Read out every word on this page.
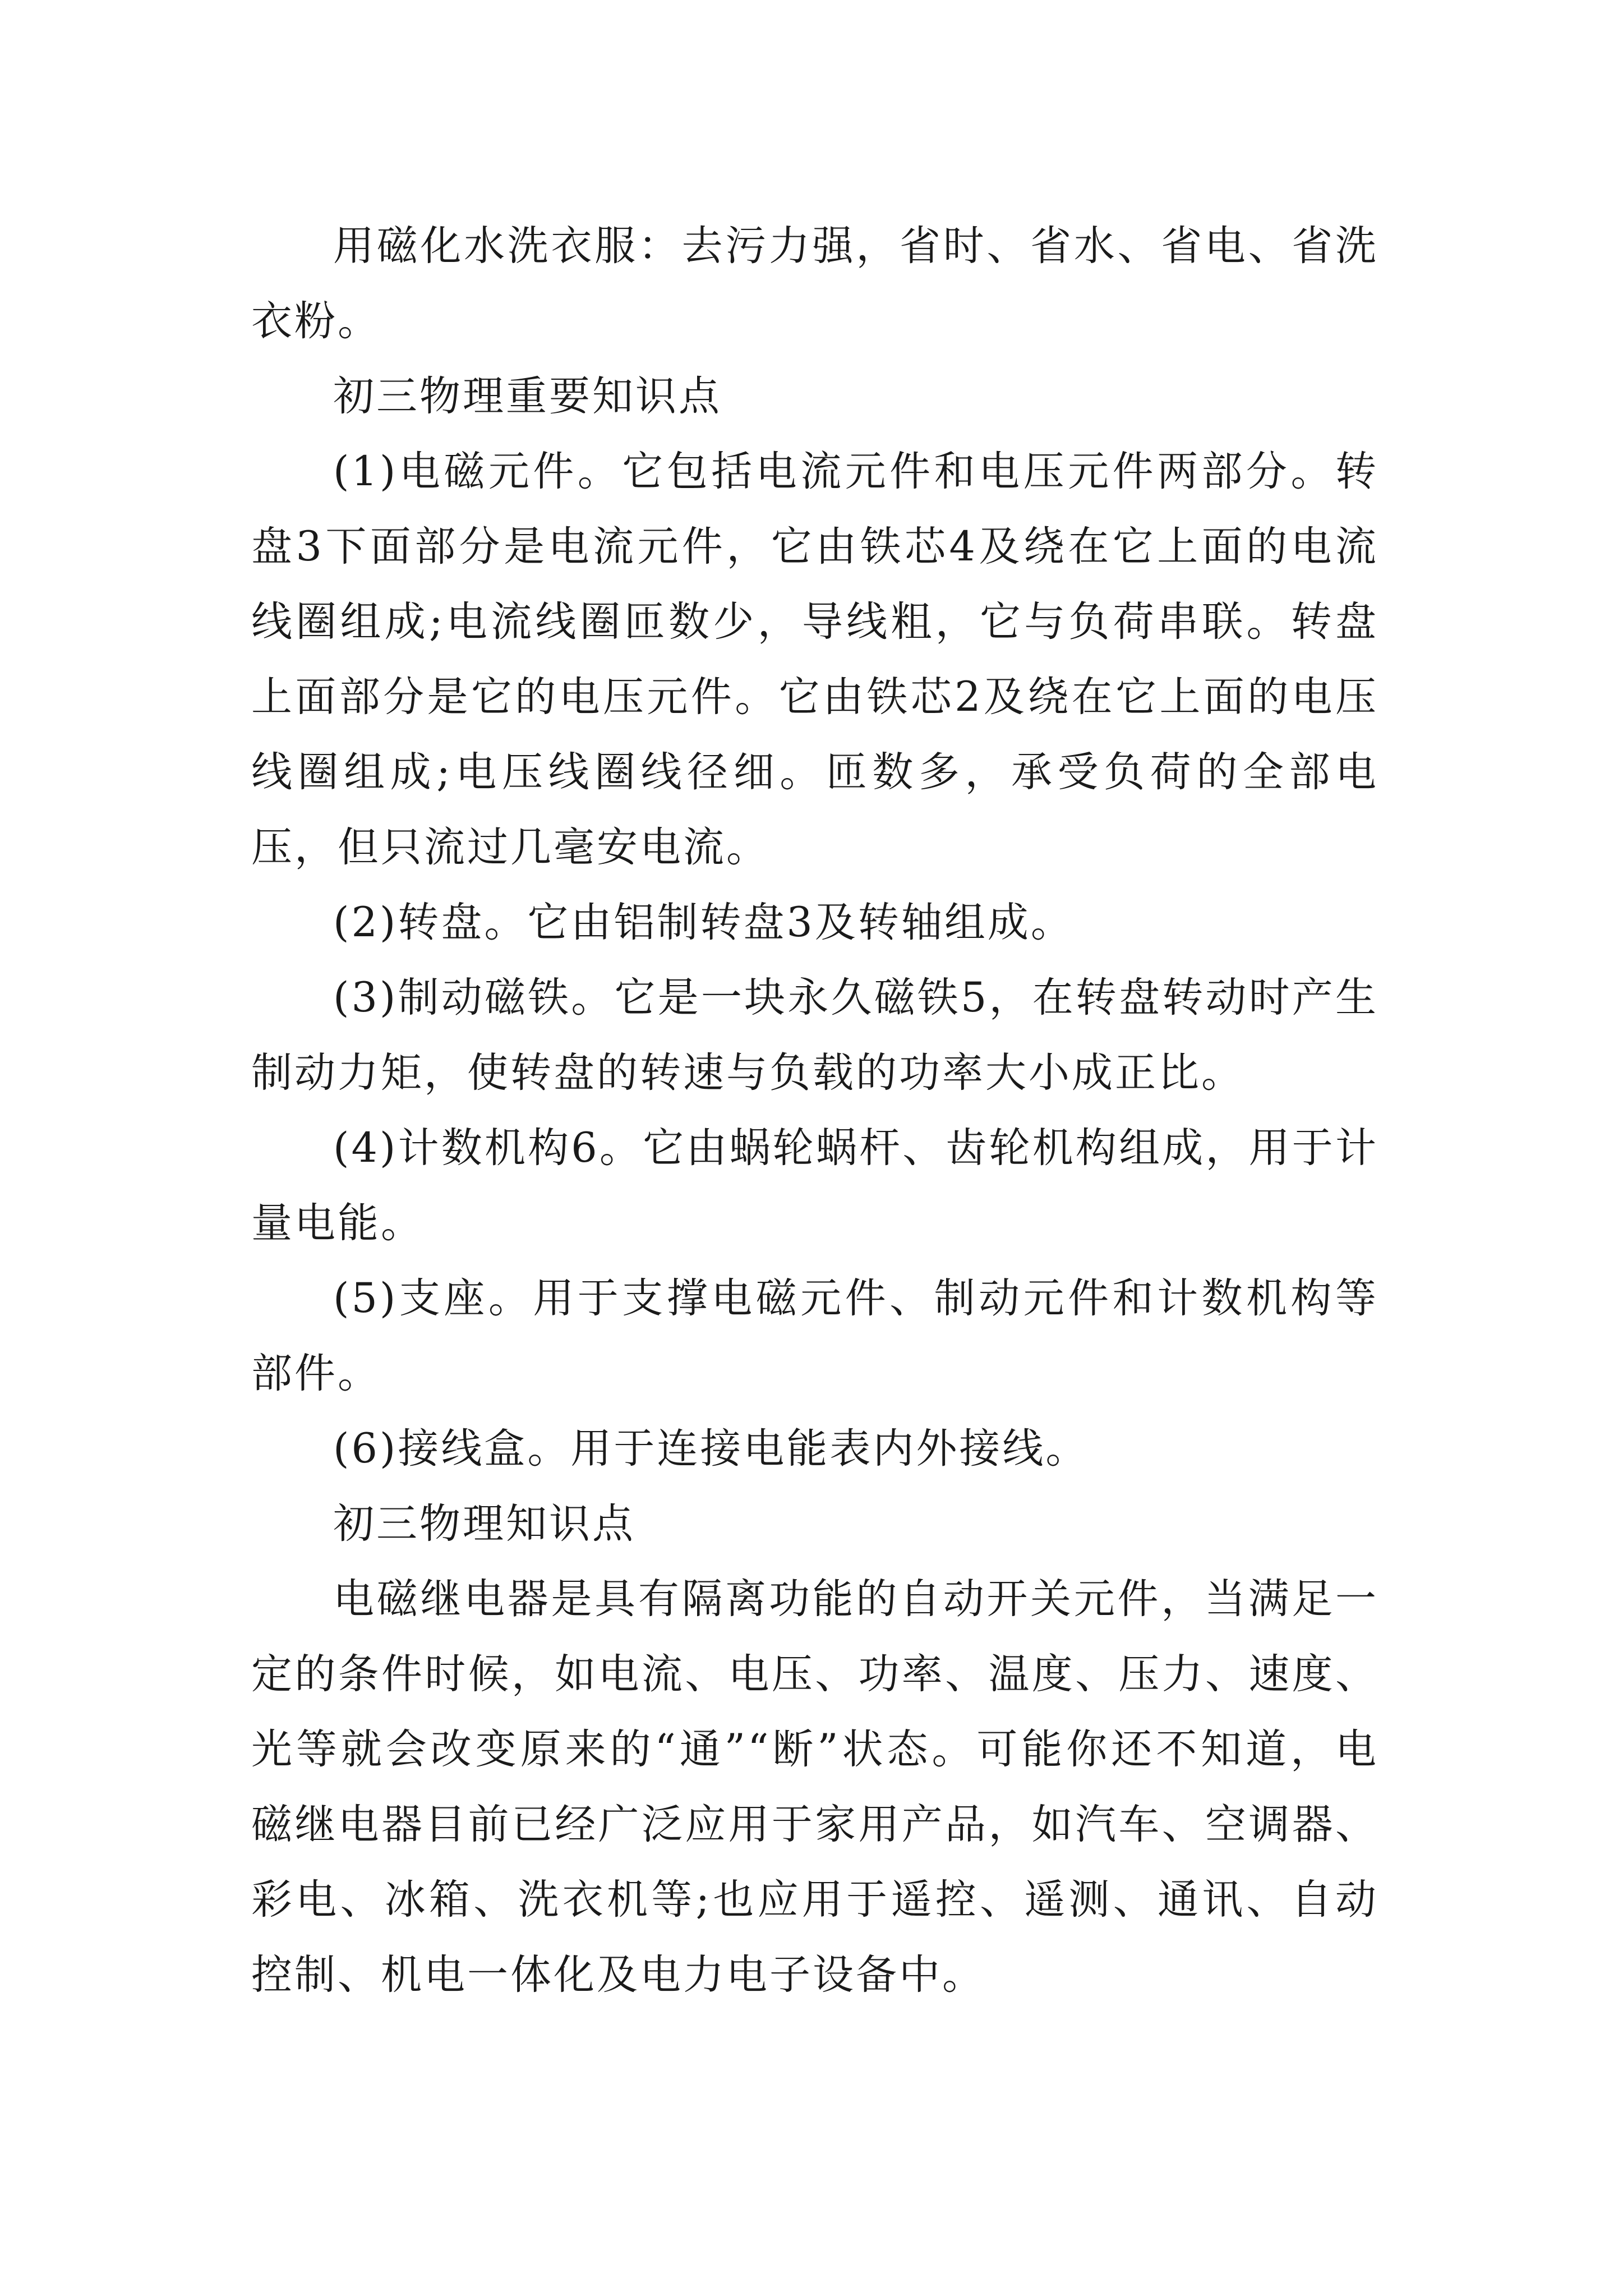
用磁化水洗衣服：去污力强，省时、省水、省电、省洗衣粉。

初三物理重要知识点

(1)电磁元件。它包括电流元件和电压元件两部分。转盘3下面部分是电流元件，它由铁芯4及绕在它上面的电流线圈组成;电流线圈匝数少，导线粗，它与负荷串联。转盘上面部分是它的电压元件。它由铁芯2及绕在它上面的电压线圈组成;电压线圈线径细。匝数多，承受负荷的全部电压，但只流过几毫安电流。

(2)转盘。它由铝制转盘3及转轴组成。

(3)制动磁铁。它是一块永久磁铁5，在转盘转动时产生制动力矩，使转盘的转速与负载的功率大小成正比。

(4)计数机构6。它由蜗轮蜗杆、齿轮机构组成，用于计量电能。

(5)支座。用于支撑电磁元件、制动元件和计数机构等部件。

(6)接线盒。用于连接电能表内外接线。

初三物理知识点

电磁继电器是具有隔离功能的自动开关元件，当满足一定的条件时候，如电流、电压、功率、温度、压力、速度、光等就会改变原来的“通”“断”状态。可能你还不知道，电磁继电器目前已经广泛应用于家用产品，如汽车、空调器、彩电、冰箱、洗衣机等;也应用于遥控、遥测、通讯、自动控制、机电一体化及电力电子设备中。
